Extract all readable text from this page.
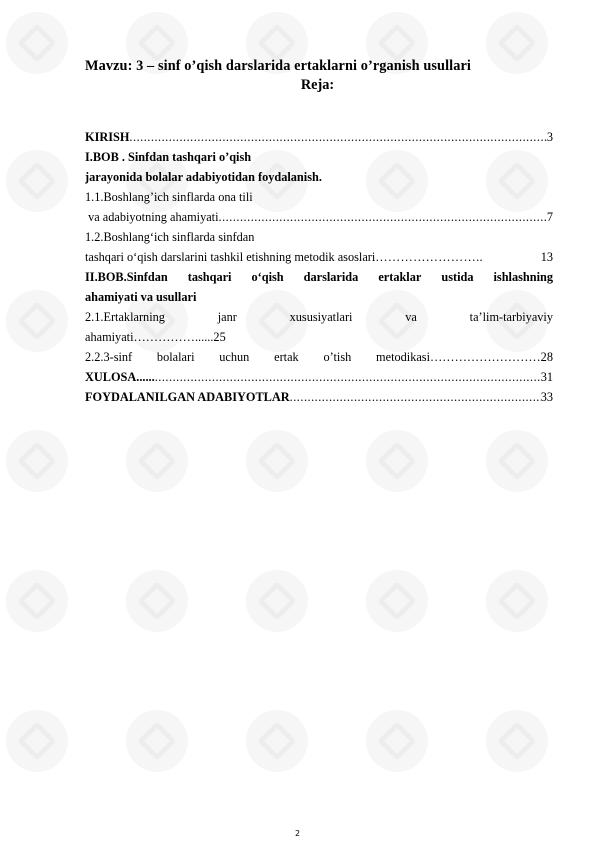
Mavzu: 3 – sinf o’qish darslarida ertaklarni o’rganish usullari
Reja:
KIRISH .....	3
I.BOB . Sinfdan tashqari o’qish
jarayonida bolalar adabiyotidan foydalanish.
1.1.Boshlang’ich sinflarda ona tili
va adabiyotning ahamiyati .....	7
1.2.Boshlang‘ich sinflarda sinfdan
tashqari o‘qish darslarini tashkil etishning metodik asoslari ……………………..	13
II.BOB.Sinfdan tashqari o‘qish darslarida ertaklar ustida ishlashning
ahamiyati va usullari
2.1.Ertaklarning	janr	xususiyatlari	va	ta’lim-tarbiyaviy
ahamiyati……………......25
2.2.3-sinf bolalari uchun ertak o’tish metodikasi………………………28
XULOSA...... .....	31
FOYDALANILGAN ADABIYOTLAR .....	33
2
